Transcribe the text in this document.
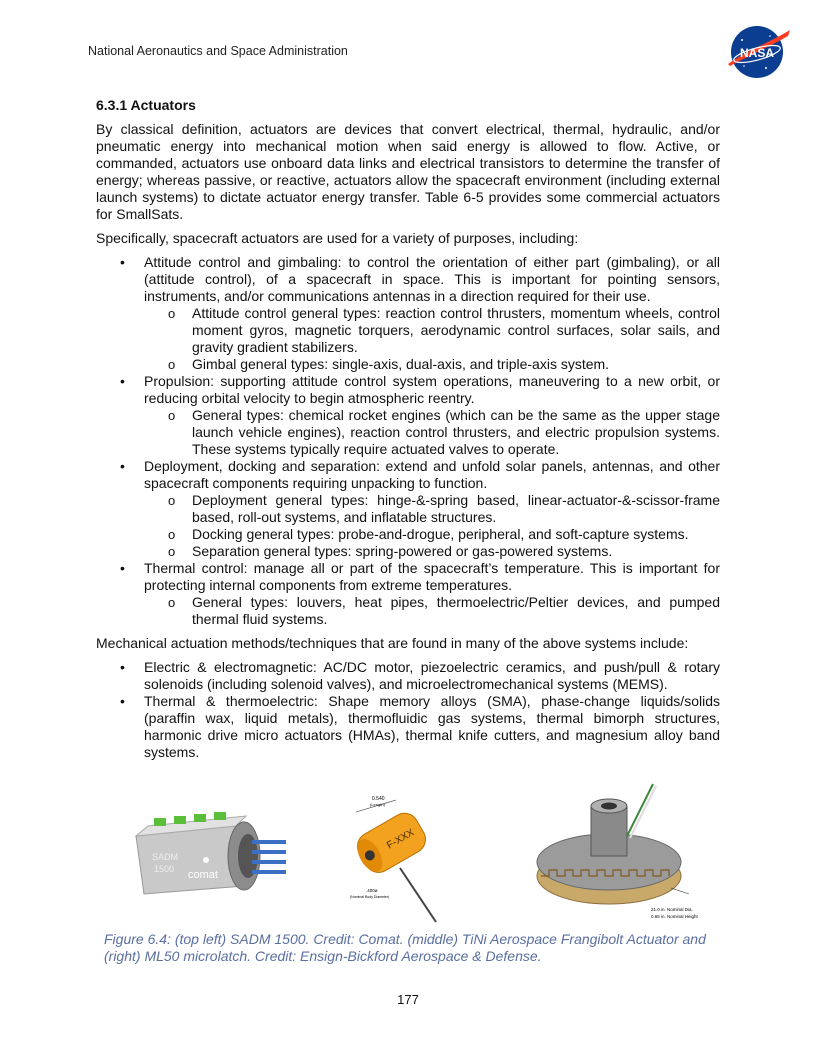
National Aeronautics and Space Administration	NASA
6.3.1 Actuators

By classical definition, actuators are devices that convert electrical, thermal, hydraulic, and/or pneumatic energy into mechanical motion when said energy is allowed to flow. Active, or commanded, actuators use onboard data links and electrical transistors to determine the transfer of energy; whereas passive, or reactive, actuators allow the spacecraft environment (including external launch systems) to dictate actuator energy transfer. Table 6-5 provides some commercial actuators for SmallSats.

Specifically, spacecraft actuators are used for a variety of purposes, including:

• Attitude control and gimbaling: to control the orientation of either part (gimbaling), or all (attitude control), of a spacecraft in space. This is important for pointing sensors, instruments, and/or communications antennas in a direction required for their use.
o Attitude control general types: reaction control thrusters, momentum wheels, control moment gyros, magnetic torquers, aerodynamic control surfaces, solar sails, and gravity gradient stabilizers.
o Gimbal general types: single-axis, dual-axis, and triple-axis system.
• Propulsion: supporting attitude control system operations, maneuvering to a new orbit, or reducing orbital velocity to begin atmospheric reentry.
o General types: chemical rocket engines (which can be the same as the upper stage launch vehicle engines), reaction control thrusters, and electric propulsion systems. These systems typically require actuated valves to operate.
• Deployment, docking and separation: extend and unfold solar panels, antennas, and other spacecraft components requiring unpacking to function.
o Deployment general types: hinge-&-spring based, linear-actuator-&-scissor-frame based, roll-out systems, and inflatable structures.
o Docking general types: probe-and-drogue, peripheral, and soft-capture systems.
o Separation general types: spring-powered or gas-powered systems.
• Thermal control: manage all or part of the spacecraft’s temperature. This is important for protecting internal components from extreme temperatures.
o General types: louvers, heat pipes, thermoelectric/Peltier devices, and pumped thermal fluid systems.

Mechanical actuation methods/techniques that are found in many of the above systems include:

• Electric & electromagnetic: AC/DC motor, piezoelectric ceramics, and push/pull & rotary solenoids (including solenoid valves), and microelectromechanical systems (MEMS).
• Thermal & thermoelectric: Shape memory alloys (SMA), phase-change liquids/solids (paraffin wax, liquid metals), thermofluidic gas systems, thermal bimorph structures, harmonic drive micro actuators (HMAs), thermal knife cutters, and magnesium alloy band systems.
SADM
1500 comat
0.540
(Length)
F-XXX
.400ø
(Nominal Body Diameter)
21.0 in. Nominal Dia.
0.65 in. Nominal Height
Figure 6.4: (top left) SADM 1500. Credit: Comat. (middle) TiNi Aerospace Frangibolt Actuator and (right) ML50 microlatch. Credit: Ensign-Bickford Aerospace & Defense.
177
